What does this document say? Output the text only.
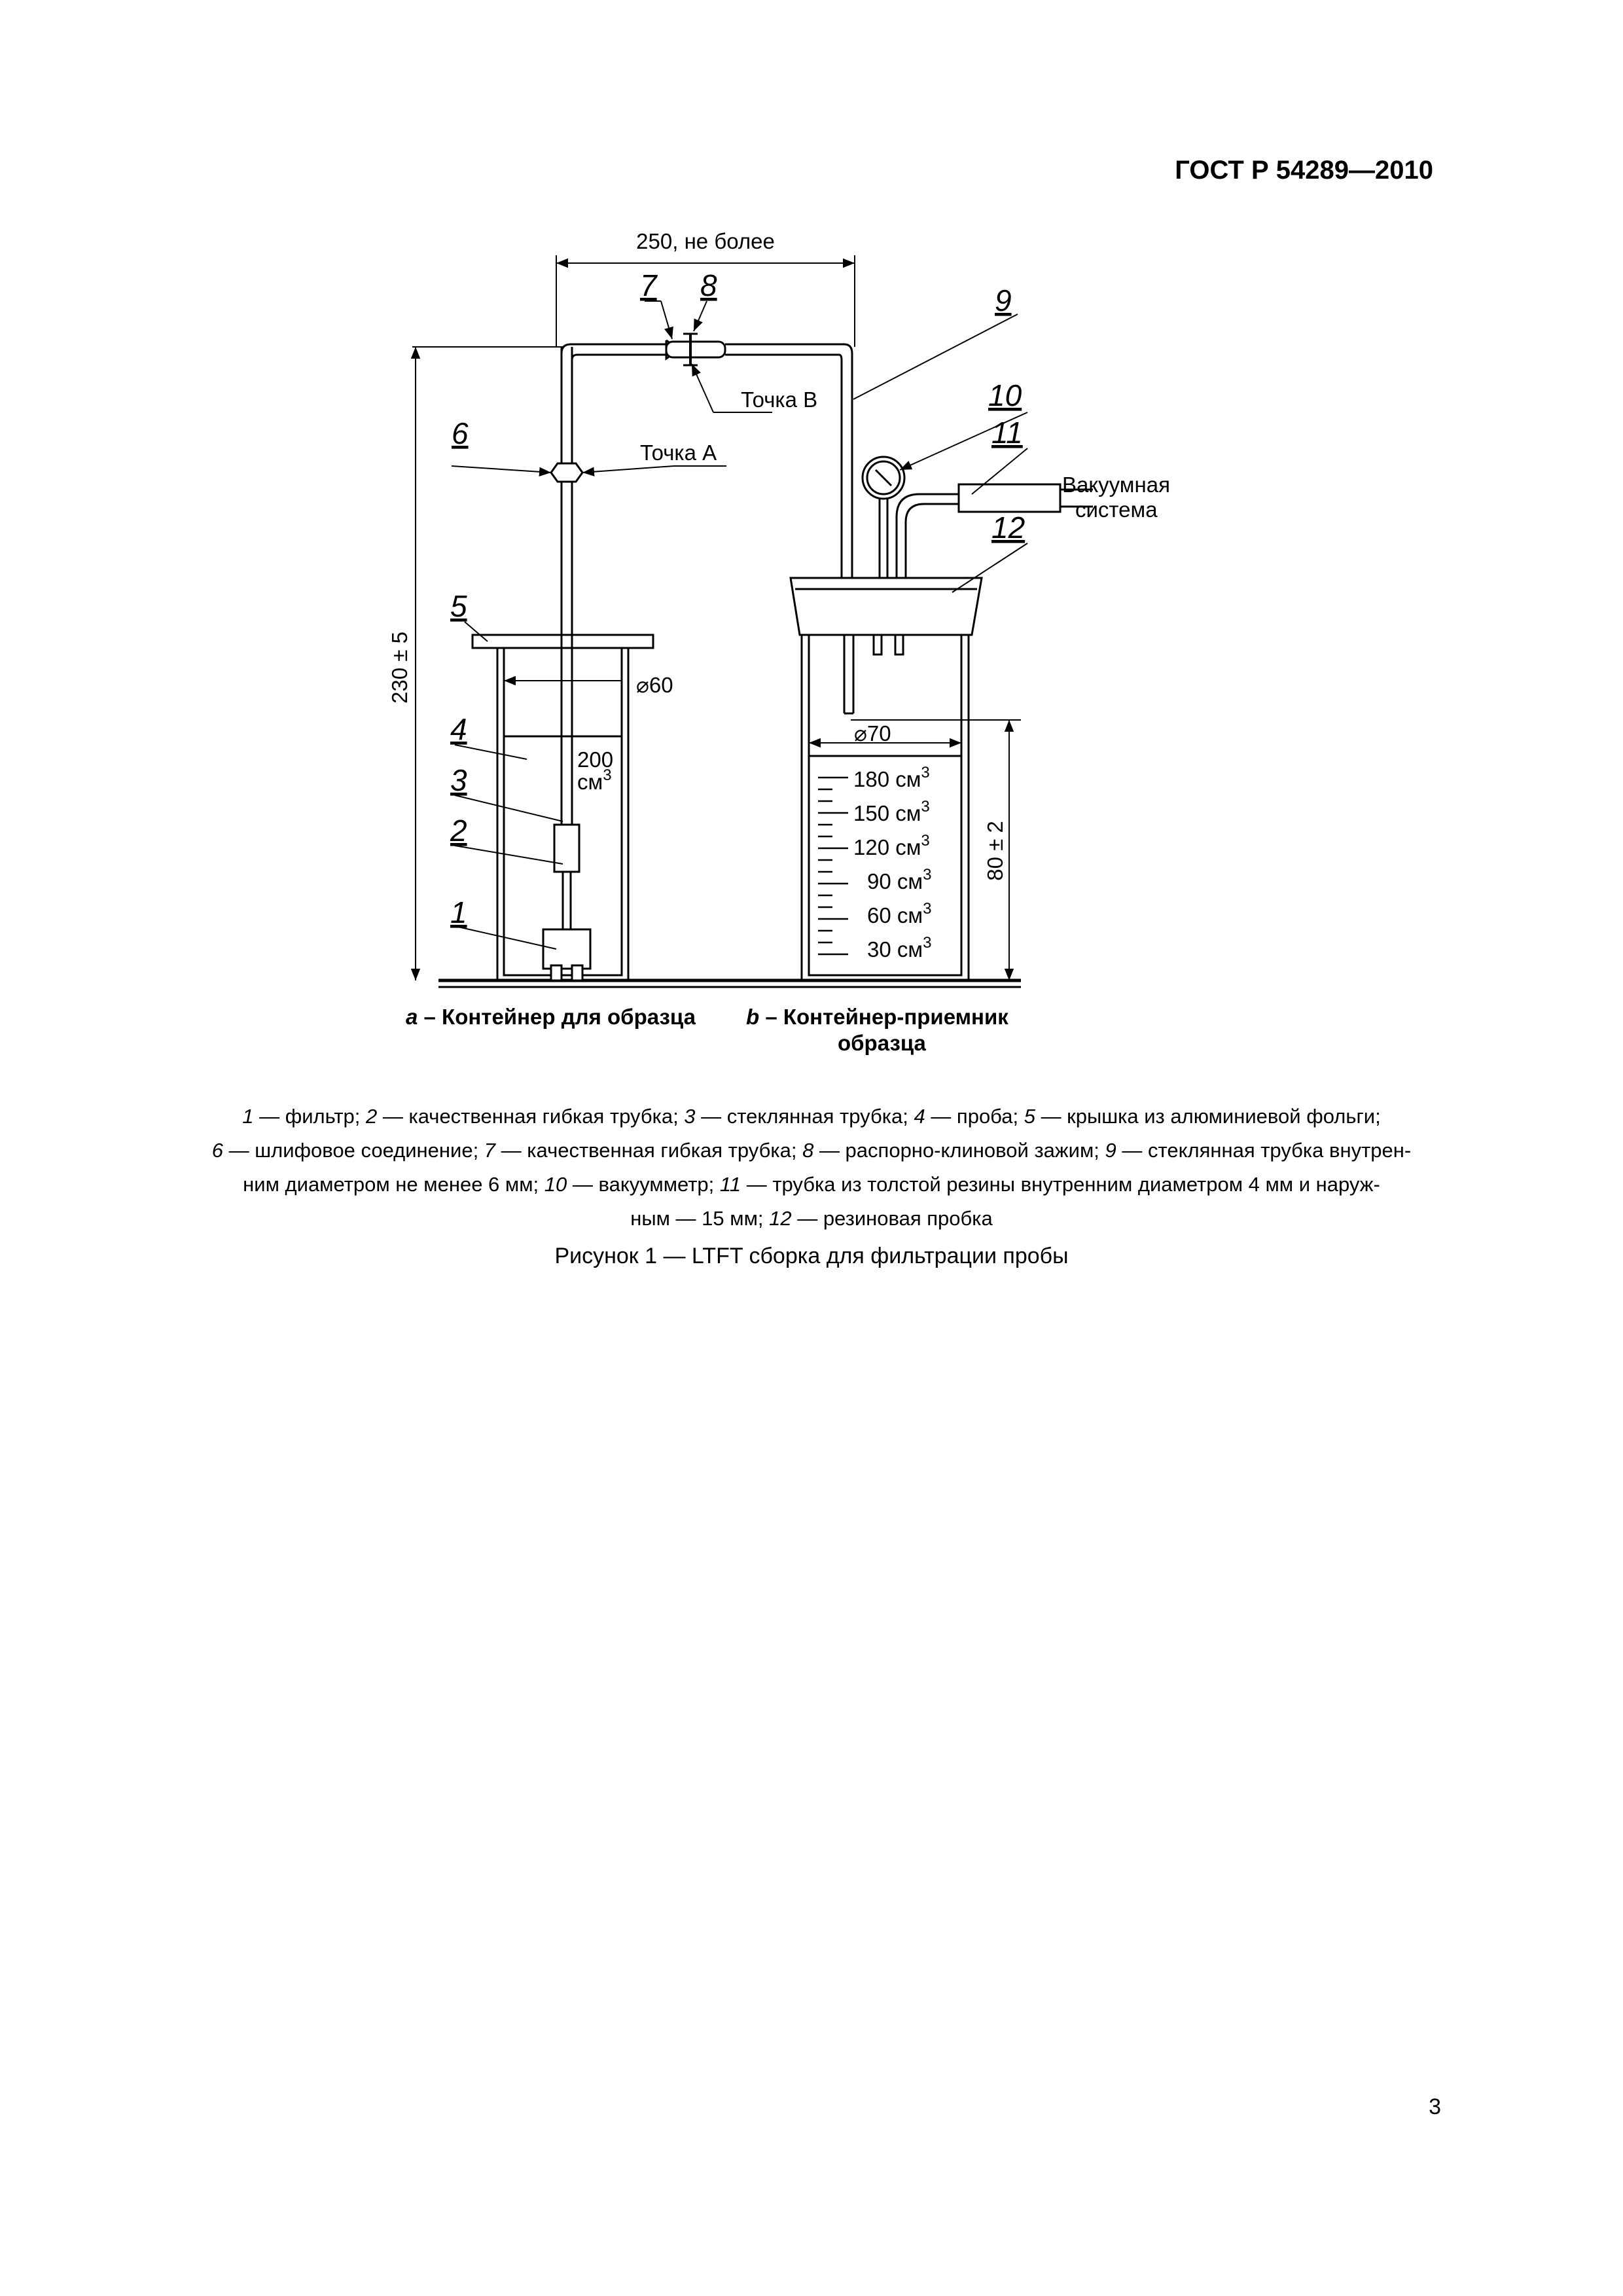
ГОСТ Р 54289—2010
250, не более
230 ± 5
80 ± 2
⌀60
⌀70
Точка А
Точка В
Вакуумная
система
200
$см^3$	180 $см^3$
150 $см^3$
120 $см^3$
90 $см^3$
60 $см^3$
30 $см^3$
1
2
3
4
5
6
7 8	9
10
11
12
a – Контейнер для образца b – Контейнер-приемник
образца

1 — фильтр; 2 — качественная гибкая трубка; 3 — стеклянная трубка; 4 — проба; 5 — крышка из алюминиевой фольги;

6 — шлифовое соединение; 7 — качественная гибкая трубка; 8 — распорно-клиновой зажим; 9 — стеклянная трубка внутрен-

ним диаметром не менее 6 мм; 10 — вакуумметр; 11 — трубка из толстой резины внутренним диаметром 4 мм и наруж-

ным — 15 мм; 12 — резиновая пробка

Рисунок 1 — LTFT сборка для фильтрации пробы
3
